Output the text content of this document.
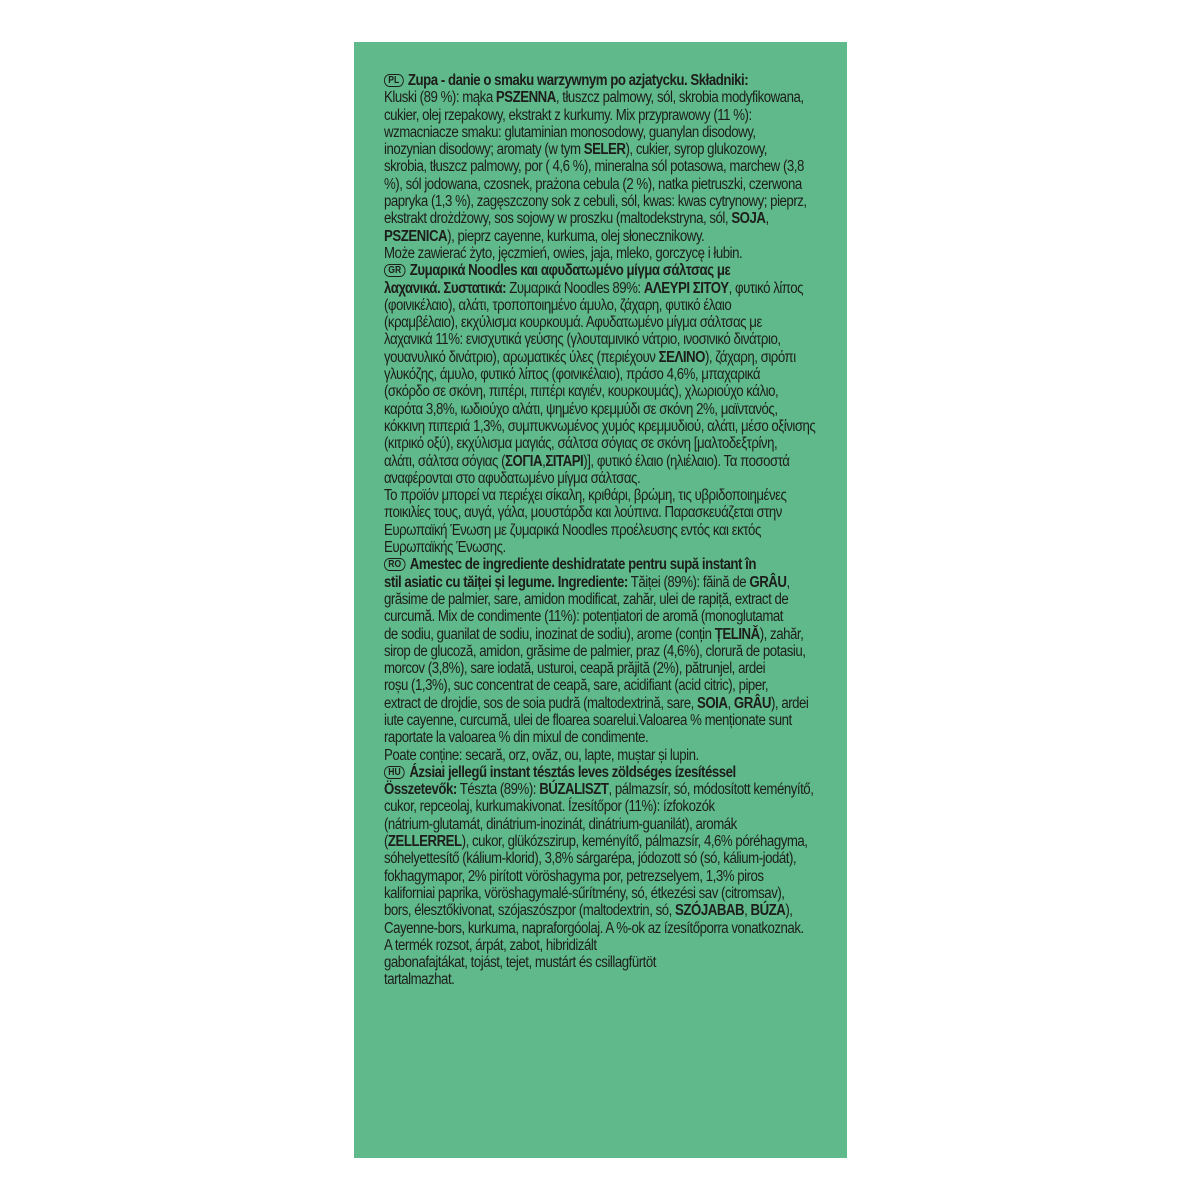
PL Zupa - danie o smaku warzywnym po azjatycku. Składniki:
Kluski (89 %): mąka PSZENNA, tłuszcz palmowy, sól, skrobia modyfikowana,
cukier, olej rzepakowy, ekstrakt z kurkumy. Mix przyprawowy (11 %):
wzmacniacze smaku: glutaminian monosodowy, guanylan disodowy,
inozynian disodowy; aromaty (w tym SELER), cukier, syrop glukozowy,
skrobia, tłuszcz palmowy, por ( 4,6 %), mineralna sól potasowa, marchew (3,8
%), sól jodowana, czosnek, prażona cebula (2 %), natka pietruszki, czerwona
papryka (1,3 %), zagęszczony sok z cebuli, sól, kwas: kwas cytrynowy; pieprz,
ekstrakt drożdżowy, sos sojowy w proszku (maltodekstryna, sól, SOJA,
PSZENICA), pieprz cayenne, kurkuma, olej słonecznikowy.
Może zawierać żyto, jęczmień, owies, jaja, mleko, gorczycę i łubin.
GR Ζυμαρικά Noodles και αφυδατωμένο μίγμα σάλτσας με
λαχανικά. Συστατικά: Ζυμαρικά Noodles 89%: ΑΛΕΥΡΙ ΣΙΤΟΥ, φυτικό λίπος
(φοινικέλαιο), αλάτι, τροποποιημένο άμυλο, ζάχαρη, φυτικό έλαιο
(κραμβέλαιο), εκχύλισμα κουρκουμά. Αφυδατωμένο μίγμα σάλτσας με
λαχανικά 11%: ενισχυτικά γεύσης (γλουταμινικό νάτριο, ινοσινικό δινάτριο,
γουανυλικό δινάτριο), αρωματικές ύλες (περιέχουν ΣΕΛΙΝΟ), ζάχαρη, σιρόπι
γλυκόζης, άμυλο, φυτικό λίπος (φοινικέλαιο), πράσο 4,6%, μπαχαρικά
(σκόρδο σε σκόνη, πιπέρι, πιπέρι καγιέν, κουρκουμάς), χλωριούχο κάλιο,
καρότα 3,8%, ιωδιούχο αλάτι, ψημένο κρεμμύδι σε σκόνη 2%, μαϊντανός,
κόκκινη πιπεριά 1,3%, συμπυκνωμένος χυμός κρεμμυδιού, αλάτι, μέσο οξίνισης
(κιτρικό οξύ), εκχύλισμα μαγιάς, σάλτσα σόγιας σε σκόνη [μαλτοδεξτρίνη,
αλάτι, σάλτσα σόγιας (ΣΟΓΙΑ,ΣΙΤΑΡΙ)], φυτικό έλαιο (ηλιέλαιο). Τα ποσοστά
αναφέρονται στο αφυδατωμένο μίγμα σάλτσας.
Το προϊόν μπορεί να περιέχει σίκαλη, κριθάρι, βρώμη, τις υβριδοποιημένες
ποικιλίες τους, αυγά, γάλα, μουστάρδα και λούπινα. Παρασκευάζεται στην
Ευρωπαϊκή Ένωση με ζυμαρικά Noodles προέλευσης εντός και εκτός
Ευρωπαϊκής Ένωσης.
RO Amestec de ingrediente deshidratate pentru supă instant în
stil asiatic cu tăiței și legume. Ingrediente: Tăiței (89%): făină de GRÂU,
grăsime de palmier, sare, amidon modificat, zahăr, ulei de rapiță, extract de
curcumă. Mix de condimente (11%): potențiatori de aromă (monoglutamat
de sodiu, guanilat de sodiu, inozinat de sodiu), arome (conțin ȚELINĂ), zahăr,
sirop de glucoză, amidon, grăsime de palmier, praz (4,6%), clorură de potasiu,
morcov (3,8%), sare iodată, usturoi, ceapă prăjită (2%), pătrunjel, ardei
roșu (1,3%), suc concentrat de ceapă, sare, acidifiant (acid citric), piper,
extract de drojdie, sos de soia pudră (maltodextrină, sare, SOIA, GRÂU), ardei
iute cayenne, curcumă, ulei de floarea soarelui.Valoarea % menționate sunt
raportate la valoarea % din mixul de condimente.
Poate conține: secară, orz, ovăz, ou, lapte, muștar și lupin.
HU Ázsiai jellegű instant tésztás leves zöldséges ízesítéssel
Összetevők: Tészta (89%): BÚZALISZT, pálmazsír, só, módosított keményítő,
cukor, repceolaj, kurkumakivonat. Ízesítőpor (11%): ízfokozók
(nátrium-glutamát, dinátrium-inozinát, dinátrium-guanilát), aromák
(ZELLERREL), cukor, glükózszirup, keményítő, pálmazsír, 4,6% póréhagyma,
sóhelyettesítő (kálium-klorid), 3,8% sárgarépa, jódozott só (só, kálium-jodát),
fokhagymapor, 2% pirított vöröshagyma por, petrezselyem, 1,3% piros
kaliforniai paprika, vöröshagymalé-sűrítmény, só, étkezési sav (citromsav),
bors, élesztőkivonat, szójaszószpor (maltodextrin, só, SZÓJABAB, BÚZA),
Cayenne-bors, kurkuma, napraforgóolaj. A %-ok az ízesítőporra vonatkoznak.
A termék rozsot, árpát, zabot, hibridizált
gabonafajtákat, tojást, tejet, mustárt és csillagfürtöt
tartalmazhat.
